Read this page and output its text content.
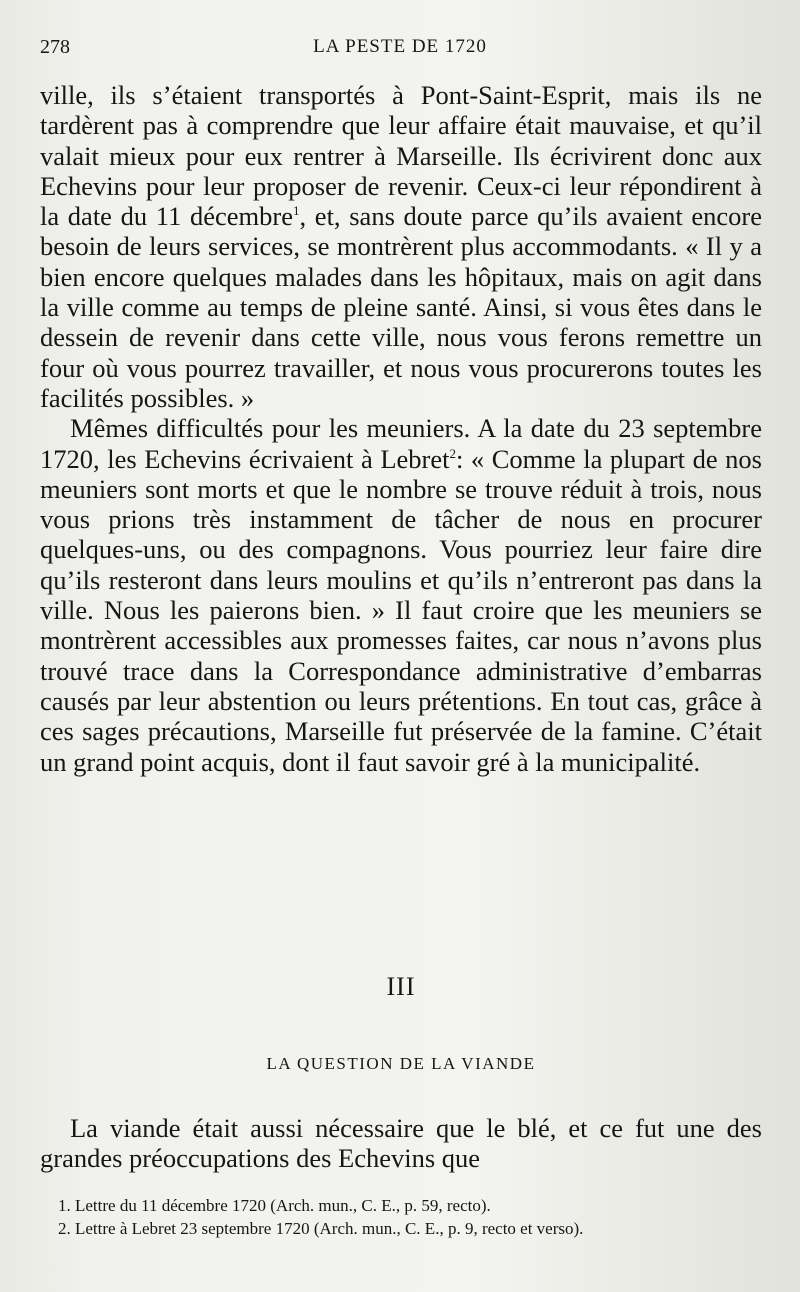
278	LA PESTE DE 1720

ville, ils s’étaient transportés à Pont-Saint-Esprit, mais ils ne tardèrent pas à comprendre que leur affaire était mauvaise, et qu’il valait mieux pour eux rentrer à Marseille. Ils écrivirent donc aux Echevins pour leur proposer de revenir. Ceux-ci leur répondirent à la date du 11 décembre$^1$, et, sans doute parce qu’ils avaient encore besoin de leurs services, se montrèrent plus accommodants. « Il y a bien encore quelques malades dans les hôpitaux, mais on agit dans la ville comme au temps de pleine santé. Ainsi, si vous êtes dans le dessein de revenir dans cette ville, nous vous ferons remettre un four où vous pourrez travailler, et nous vous procurerons toutes les facilités possibles. »

Mêmes difficultés pour les meuniers. A la date du 23 septembre 1720, les Echevins écrivaient à Lebret$^2$: « Comme la plupart de nos meuniers sont morts et que le nombre se trouve réduit à trois, nous vous prions très instamment de tâcher de nous en procurer quelques-uns, ou des compagnons. Vous pourriez leur faire dire qu’ils resteront dans leurs moulins et qu’ils n’entreront pas dans la ville. Nous les paierons bien. » Il faut croire que les meuniers se montrèrent accessibles aux promesses faites, car nous n’avons plus trouvé trace dans la Correspondance administrative d’embarras causés par leur abstention ou leurs prétentions. En tout cas, grâce à ces sages précautions, Marseille fut préservée de la famine. C’était un grand point acquis, dont il faut savoir gré à la municipalité.

III
LA QUESTION DE LA VIANDE

La viande était aussi nécessaire que le blé, et ce fut une des grandes préoccupations des Echevins que

1. Lettre du 11 décembre 1720 (Arch. mun., C. E., p. 59, recto).

2. Lettre à Lebret 23 septembre 1720 (Arch. mun., C. E., p. 9, recto et verso).
